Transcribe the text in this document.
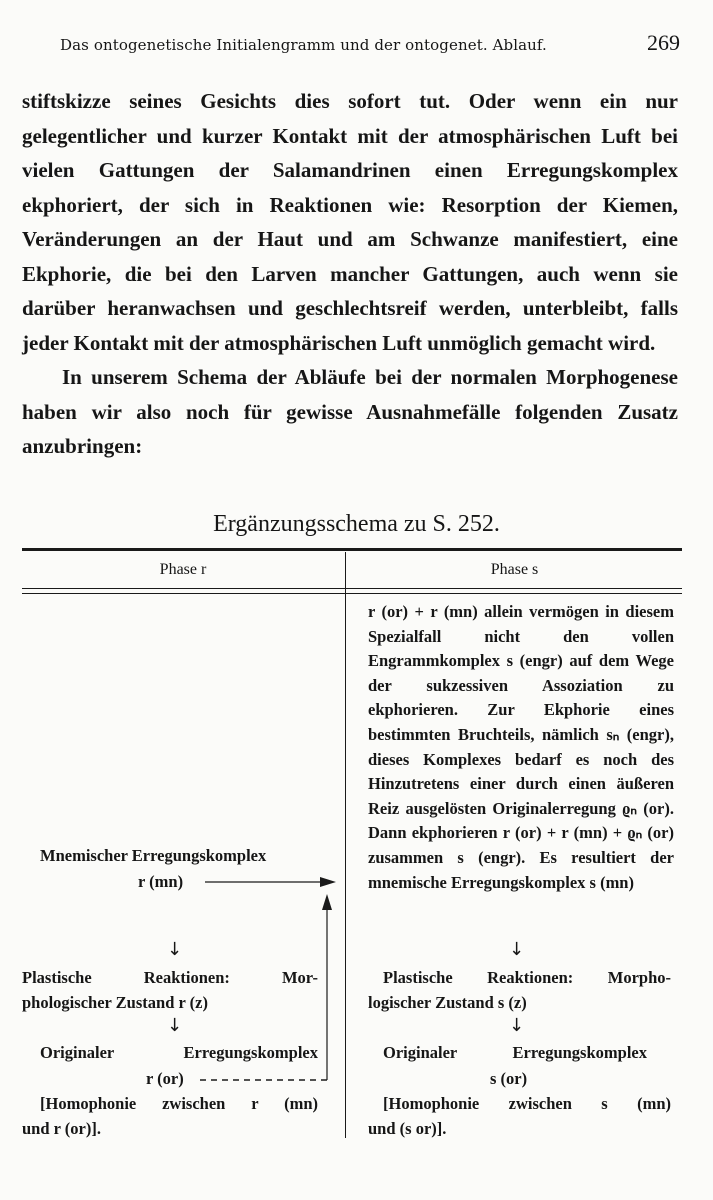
Das ontogenetische Initialengramm und der ontogenet. Ablauf.	269

stiftskizze seines Gesichts dies sofort tut. Oder wenn ein nur gelegentlicher und kurzer Kontakt mit der atmosphärischen Luft bei vielen Gattungen der Salamandrinen einen Erregungskomplex ekphoriert, der sich in Reaktionen wie: Resorption der Kiemen, Veränderungen an der Haut und am Schwanze manifestiert, eine Ekphorie, die bei den Larven mancher Gattungen, auch wenn sie darüber heranwachsen und geschlechtsreif werden, unterbleibt, falls jeder Kontakt mit der atmosphärischen Luft unmöglich gemacht wird.

In unserem Schema der Abläufe bei der normalen Morphogenese haben wir also noch für gewisse Ausnahmefälle folgenden Zusatz anzubringen:

Ergänzungsschema zu S. 252.
Phase r	Phase s
r (or) + r (mn) allein vermögen in diesem Spezialfall nicht den vollen Engrammkomplex s (engr) auf dem Wege der sukzessiven Assoziation zu ekphorieren. Zur Ekphorie eines bestimmten Bruchteils, nämlich sₙ (engr), dieses Komplexes bedarf es noch des Hinzutretens einer durch einen äußeren Reiz ausgelösten Originalerregung ϱₙ (or). Dann ekphorieren r (or) + r (mn) + ϱₙ (or) zusammen s (engr). Es resultiert der mnemische Erregungskomplex s (mn)
Mnemischer Erregungskomplex
r (mn)
↓
Plastische Reaktionen: Mor-
phologischer Zustand r (z)
↓
Originaler Erregungskomplex
r (or)
[Homophonie zwischen r (mn)
und r (or)].
↓
Plastische Reaktionen: Morpho-
logischer Zustand s (z)
↓
Originaler Erregungskomplex
s (or)
[Homophonie zwischen s (mn)
und (s or)].
